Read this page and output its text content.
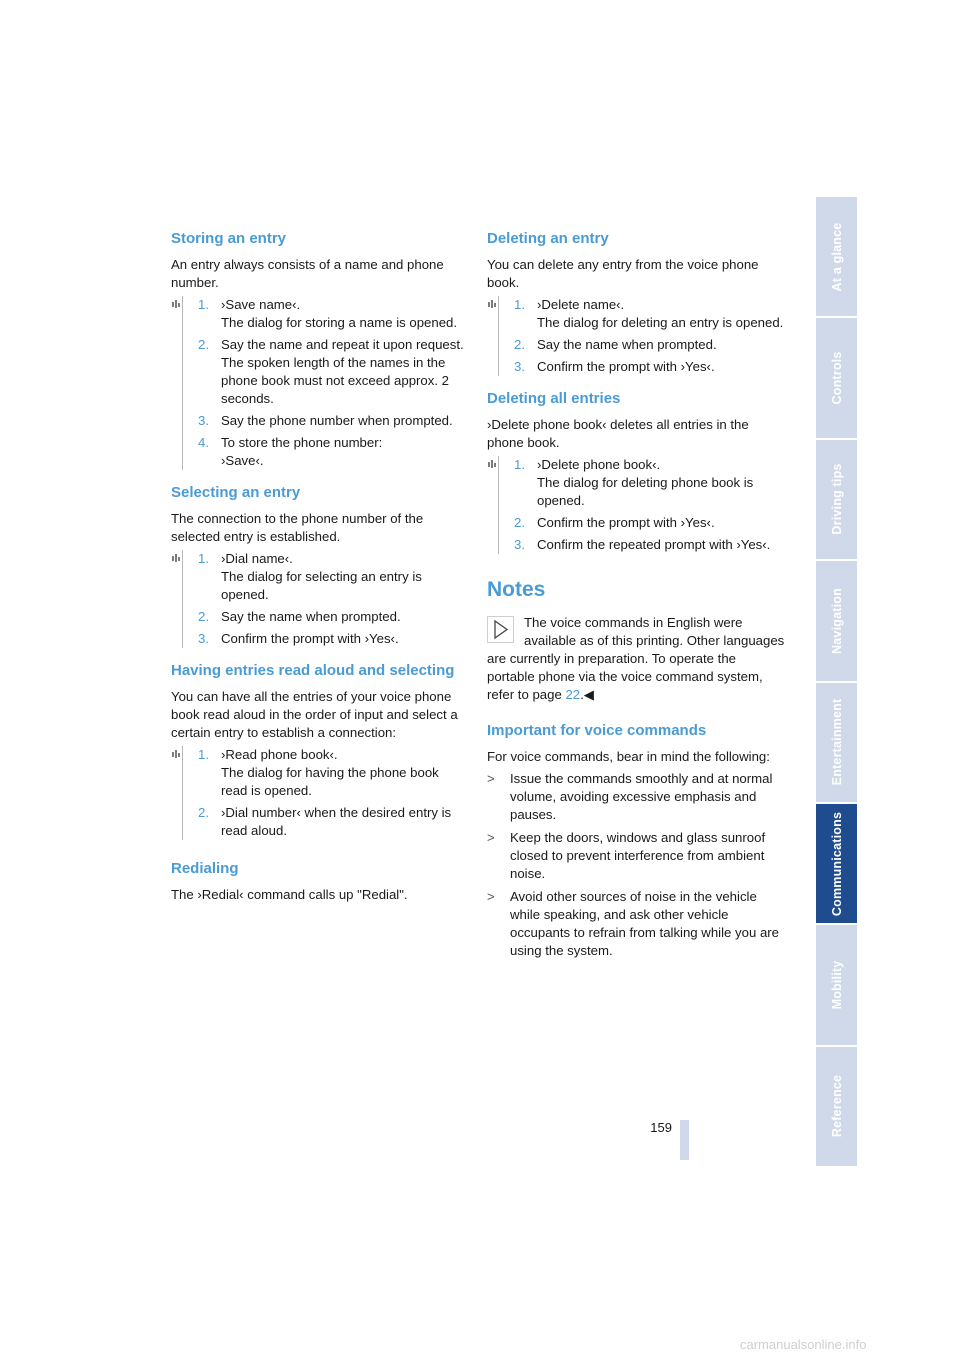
Storing an entry

An entry always consists of a name and phone number.

1. ›Save name‹.
The dialog for storing a name is opened.
2. Say the name and repeat it upon request.
The spoken length of the names in the phone book must not exceed approx. 2 seconds.
3. Say the phone number when prompted.
4. To store the phone number:
›Save‹.
Selecting an entry

The connection to the phone number of the selected entry is established.

1. ›Dial name‹.
The dialog for selecting an entry is opened.
2. Say the name when prompted.
3. Confirm the prompt with ›Yes‹.
Having entries read aloud and selecting

You can have all the entries of your voice phone book read aloud in the order of input and select a certain entry to establish a connection:

1. ›Read phone book‹.
The dialog for having the phone book read is opened.
2. ›Dial number‹ when the desired entry is read aloud.
Redialing

The ›Redial‹ command calls up "Redial".

Deleting an entry

You can delete any entry from the voice phone book.

1. ›Delete name‹.
The dialog for deleting an entry is opened.
2. Say the name when prompted.
3. Confirm the prompt with ›Yes‹.
Deleting all entries

›Delete phone book‹ deletes all entries in the phone book.

1. ›Delete phone book‹.
The dialog for deleting phone book is opened.
2. Confirm the prompt with ›Yes‹.
3. Confirm the repeated prompt with ›Yes‹.
Notes
The voice commands in English were available as of this printing. Other languages are currently in preparation. To operate the portable phone via the voice command system, refer to page 22.◀
Important for voice commands

For voice commands, bear in mind the following:

>	Issue the commands smoothly and at normal volume, avoiding excessive emphasis and pauses.
>	Keep the doors, windows and glass sunroof closed to prevent interference from ambient noise.
>	Avoid other sources of noise in the vehicle while speaking, and ask other vehicle occupants to refrain from talking while you are using the system.
At a glance
Controls
Driving tips
Navigation
Entertainment
Communications
Mobility
Reference
159
carmanualsonline.info
